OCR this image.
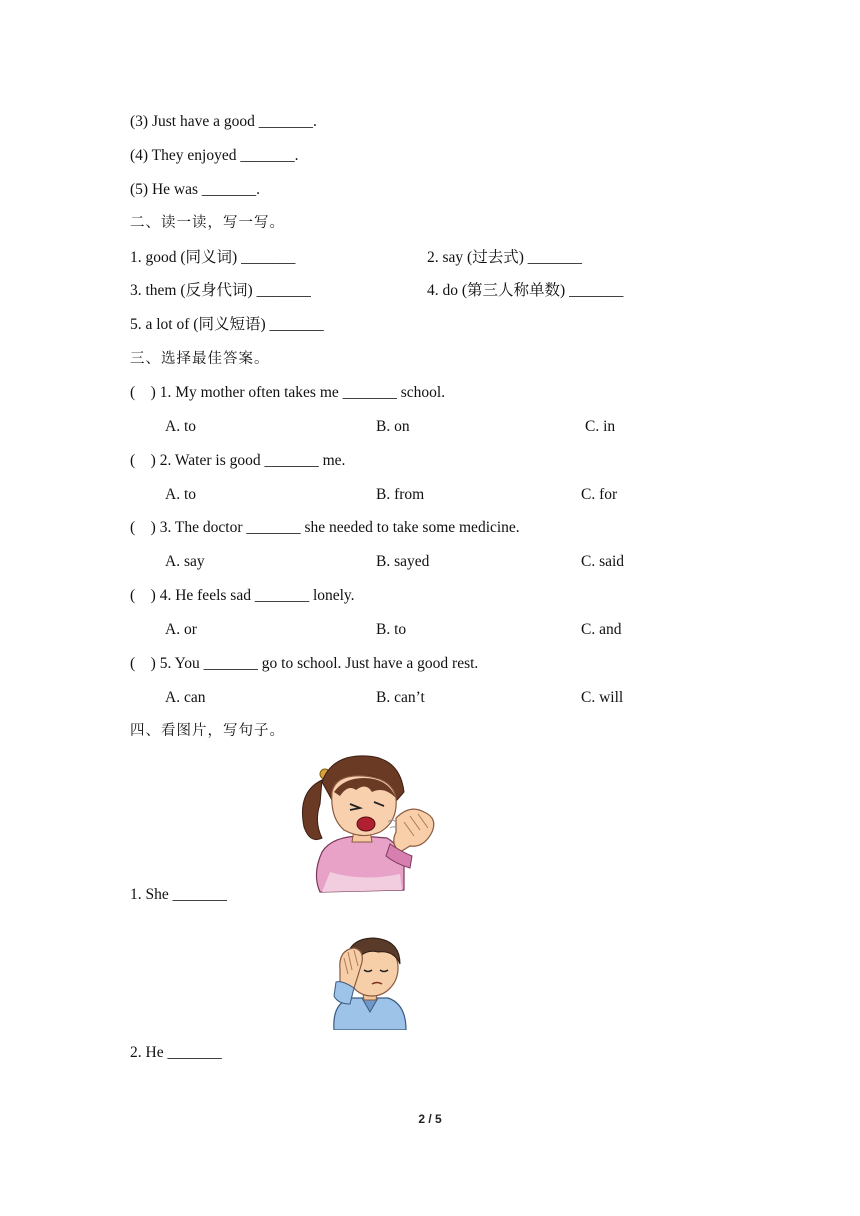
(3) Just have a good _______.
(4) They enjoyed _______.
(5) He was _______.
二、读一读，写一写。
1. good (同义词) _______	2. say (过去式) _______
3. them (反身代词) _______	4. do (第三人称单数) _______
5. a lot of (同义短语) _______
三、选择最佳答案。
(    ) 1. My mother often takes me _______ school.
A. to	B. on	C. in
(    ) 2. Water is good _______ me.
A. to	B. from	C. for
(    ) 3. The doctor _______ she needed to take some medicine.
A. say	B. sayed	C. said
(    ) 4. He feels sad _______ lonely.
A. or	B. to	C. and
(    ) 5. You _______ go to school. Just have a good rest.
A. can	B. can’t	C. will
四、看图片，写句子。
1. She _______
2. He _______
2 / 5
